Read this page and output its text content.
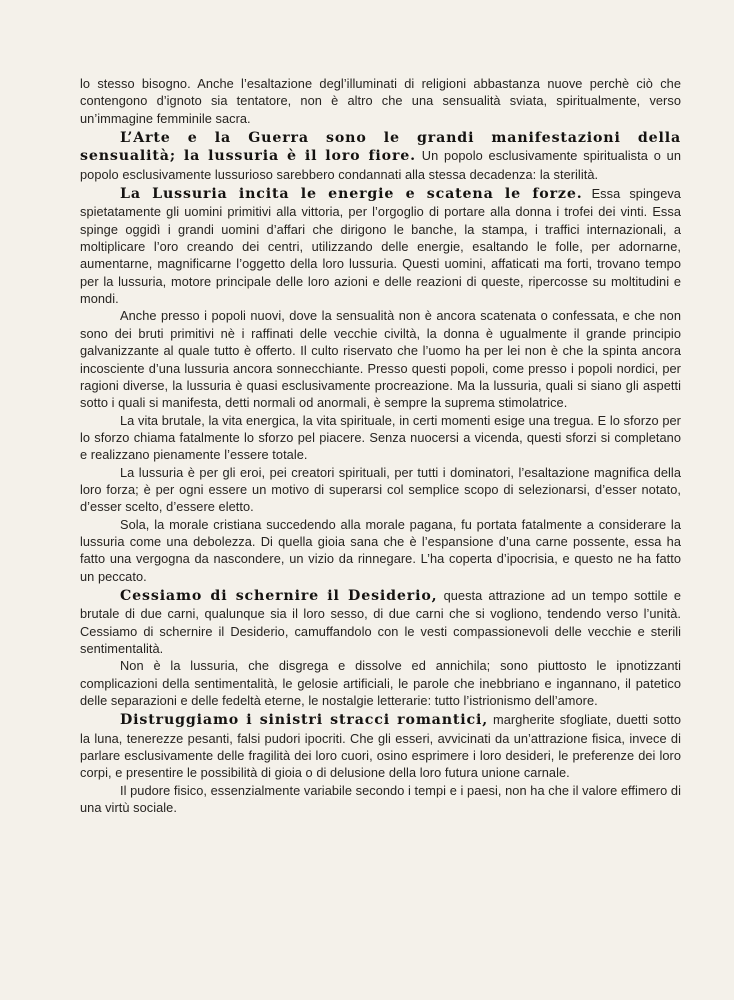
lo stesso bisogno. Anche l’esaltazione degl’illuminati di religioni abbastanza nuove perchè ciò che contengono d’ignoto sia tentatore, non è altro che una sensualità sviata, spiritualmente, verso un’immagine femminile sacra.

L’Arte e la Guerra sono le grandi manifestazioni della sensualità; la lussuria è il loro fiore. Un popolo esclusivamente spiritualista o un popolo esclusivamente lussurioso sarebbero condannati alla stessa decadenza: la sterilità.

La Lussuria incita le energie e scatena le forze. Essa spingeva spietatamente gli uomini primitivi alla vittoria, per l’orgoglio di portare alla donna i trofei dei vinti. Essa spinge oggidì i grandi uomini d’affari che dirigono le banche, la stampa, i traffici internazionali, a moltiplicare l’oro creando dei centri, utilizzando delle energie, esaltando le folle, per adornarne, aumentarne, magnificarne l’oggetto della loro lussuria. Questi uomini, affaticati ma forti, trovano tempo per la lussuria, motore principale delle loro azioni e delle reazioni di queste, ripercosse su moltitudini e mondi.

Anche presso i popoli nuovi, dove la sensualità non è ancora scatenata o confessata, e che non sono dei bruti primitivi nè i raffinati delle vecchie civiltà, la donna è ugualmente il grande principio galvanizzante al quale tutto è offerto. Il culto riservato che l’uomo ha per lei non è che la spinta ancora incosciente d’una lussuria ancora sonnecchiante. Presso questi popoli, come presso i popoli nordici, per ragioni diverse, la lussuria è quasi esclusivamente procreazione. Ma la lussuria, quali si siano gli aspetti sotto i quali si manifesta, detti normali od anormali, è sempre la suprema stimolatrice.

La vita brutale, la vita energica, la vita spirituale, in certi momenti esige una tregua. E lo sforzo per lo sforzo chiama fatalmente lo sforzo pel piacere. Senza nuocersi a vicenda, questi sforzi si completano e realizzano pienamente l’essere totale.

La lussuria è per gli eroi, pei creatori spirituali, per tutti i dominatori, l’esaltazione magnifica della loro forza; è per ogni essere un motivo di superarsi col semplice scopo di selezionarsi, d’esser notato, d’esser scelto, d’essere eletto.

Sola, la morale cristiana succedendo alla morale pagana, fu portata fatalmente a considerare la lussuria come una debolezza. Di quella gioia sana che è l’espansione d’una carne possente, essa ha fatto una vergogna da nascondere, un vizio da rinnegare. L’ha coperta d’ipocrisia, e questo ne ha fatto un peccato.

Cessiamo di schernire il Desiderio, questa attrazione ad un tempo sottile e brutale di due carni, qualunque sia il loro sesso, di due carni che si vogliono, tendendo verso l’unità. Cessiamo di schernire il Desiderio, camuffandolo con le vesti compassionevoli delle vecchie e sterili sentimentalità.

Non è la lussuria, che disgrega e dissolve ed annichila; sono piuttosto le ipnotizzanti complicazioni della sentimentalità, le gelosie artificiali, le parole che inebbriano e ingannano, il patetico delle separazioni e delle fedeltà eterne, le nostalgie letterarie: tutto l’istrionismo dell’amore.

Distruggiamo i sinistri stracci romantici, margherite sfogliate, duetti sotto la luna, tenerezze pesanti, falsi pudori ipocriti. Che gli esseri, avvicinati da un’attrazione fisica, invece di parlare esclusivamente delle fragilità dei loro cuori, osino esprimere i loro desideri, le preferenze dei loro corpi, e presentire le possibilità di gioia o di delusione della loro futura unione carnale.

Il pudore fisico, essenzialmente variabile secondo i tempi e i paesi, non ha che il valore effimero di una virtù sociale.
